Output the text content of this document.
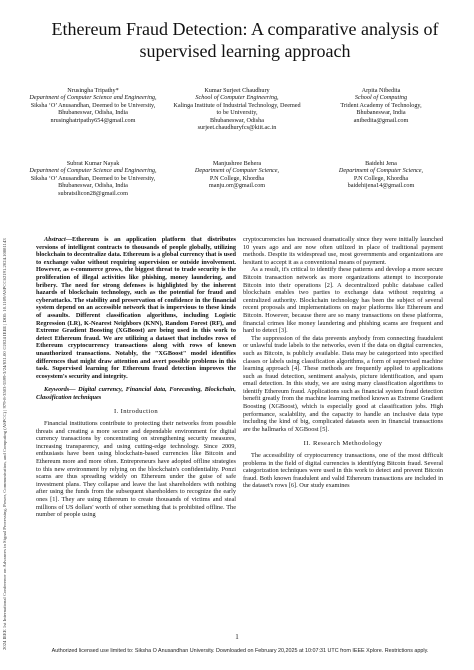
2024 IEEE 1st International Conference on Advances in Signal Processing, Power, Communication, and Computing (ASPCC) | 979-8-3503-5599-3/24/$31.00 ©2024 IEEE | DOI: 10.1109/ASPCC62191.2024.10881143
Ethereum Fraud Detection: A comparative analysis of supervised learning approach
Nrusingha Tripathy*
Department of Computer Science and Engineering,
Siksha ‘O’ Anusandhan, Deemed to be University,
Bhubaneswar, Odisha, India
nrusinghatripathy654@gmail.com
Kumar Surjeet Chaudhury
School of Computer Engineering,
Kalinga Institute of Industrial Technology, Deemed to be University,
Bhubaneswar, Odisha
surjeet.chaudhuryfcs@kiit.ac.in
Arpita Nibedita
School of Computing
Trident Academy of Technology,
Bhubaneswar, India
anibedita@gmail.com
Subrat Kumar Nayak
Department of Computer Science and Engineering,
Siksha ‘O’ Anusandhan, Deemed to be University,
Bhubaneswar, Odisha, India
subratsilicon28@gmail.com
Manjushree Behera
Department of Computer Science,
P.N College, Khordha
manju.orr@gmail.com
Baidehi Jena
Department of Computer Science,
P.N College, Khordha
baidehijena14@gmail.com

Abstract—Ethereum is an application platform that distributes versions of intelligent contracts to thousands of people globally, utilizing blockchain to decentralize data. Ethereum is a global currency that is used to exchange value without requiring supervision or outside involvement. However, as e-commerce grows, the biggest threat to trade security is the proliferation of illegal activities like phishing, money laundering, and bribery. The need for strong defenses is highlighted by the inherent hazards of blockchain technology, such as the potential for fraud and cyberattacks. The stability and preservation of confidence in the financial system depend on an accessible network that is impervious to these kinds of assaults. Different classification algorithms, including Logistic Regression (LR), K-Nearest Neighbors (KNN), Random Forest (RF), and Extreme Gradient Boosting (XGBoost) are being used in this work to detect Ethereum fraud. We are utilizing a dataset that includes rows of Ethereum cryptocurrency transactions along with rows of known unauthorized transactions. Notably, the "XGBoost" model identifies differences that might draw attention and avert possible problems in this task. Supervised learning for Ethereum fraud detection improves the ecosystem's security and integrity.

Keywords— Digital currency, Financial data, Forecasting, Blockchain, Classification techniques

I. Introduction

Financial institutions contribute to protecting their networks from possible threats and creating a more secure and dependable environment for digital currency transactions by concentrating on strengthening security measures, increasing transparency, and using cutting-edge technology. Since 2009, enthusiasts have been using blockchain-based currencies like Bitcoin and Ethereum more and more often. Entrepreneurs have adopted offline strategies to this new environment by relying on the blockchain's confidentiality. Ponzi scams are thus spreading widely on Ethereum under the guise of safe investment plans. They collapse and leave the last shareholders with nothing after using the funds from the subsequent shareholders to recognize the early ones [1]. They are using Ethereum to create thousands of victims and steal millions of US dollars' worth of other something that is prohibited offline. The number of people using

cryptocurrencies has increased dramatically since they were initially launched 10 years ago and are now often utilized in place of traditional payment methods. Despite its widespread use, most governments and organizations are hesitant to accept it as a conventional means of payment.

As a result, it's critical to identify these patterns and develop a more secure Bitcoin transaction network as more organizations attempt to incorporate Bitcoin into their operations [2]. A decentralized public database called blockchain enables two parties to exchange data without requiring a centralized authority. Blockchain technology has been the subject of several recent proposals and implementations on major platforms like Ethereum and Bitcoin. However, because there are so many transactions on these platforms, financial crimes like money laundering and phishing scams are frequent and hard to detect [3].

The suppression of the data prevents anybody from connecting fraudulent or unlawful trade labels to the networks, even if the data on digital currencies, such as Bitcoin, is publicly available. Data may be categorized into specified classes or labels using classification algorithms, a form of supervised machine learning approach [4]. These methods are frequently applied to applications such as fraud detection, sentiment analysis, picture identification, and spam email detection. In this study, we are using many classification algorithms to identify Ethereum fraud. Applications such as financial system fraud detection benefit greatly from the machine learning method known as Extreme Gradient Boosting (XGBoost), which is especially good at classification jobs. High performance, scalability, and the capacity to handle an inclusive data type including the kind of big, complicated datasets seen in financial transactions are the hallmarks of XGBoost [5].

II. Research Methodology

The accessibility of cryptocurrency transactions, one of the most difficult problems in the field of digital currencies is identifying Bitcoin fraud. Several categorization techniques were used in this work to detect and prevent Bitcoin fraud. Both known fraudulent and valid Ethereum transactions are included in the dataset's rows [6]. Our study examines

1
Authorized licensed use limited to: Siksha O Anusandhan University. Downloaded on February 20,2025 at 10:07:31 UTC from IEEE Xplore. Restrictions apply.
